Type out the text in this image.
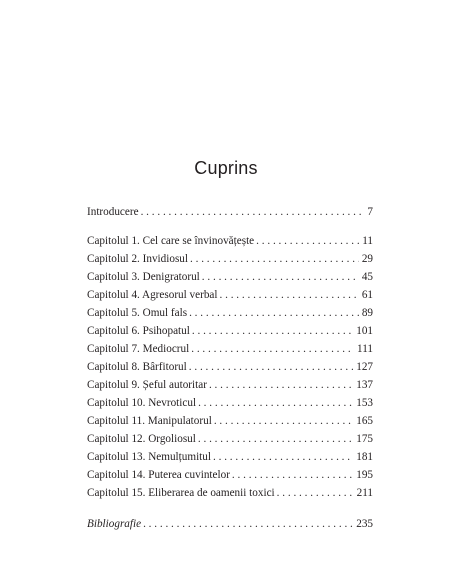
Cuprins
Introducere . . .	7
Capitolul 1. Cel care se învinovățește . . .	11
Capitolul 2. Invidiosul . . .	29
Capitolul 3. Denigratorul . . .	45
Capitolul 4. Agresorul verbal . . .	61
Capitolul 5. Omul fals . . .	89
Capitolul 6. Psihopatul . . .	101
Capitolul 7. Mediocrul . . .	111
Capitolul 8. Bârfitorul . . .	127
Capitolul 9. Șeful autoritar . . .	137
Capitolul 10. Nevroticul . . .	153
Capitolul 11. Manipulatorul . . .	165
Capitolul 12. Orgoliosul . . .	175
Capitolul 13. Nemulțumitul . . .	181
Capitolul 14. Puterea cuvintelor . . .	195
Capitolul 15. Eliberarea de oamenii toxici . . .	211
Bibliografie . . .	235
